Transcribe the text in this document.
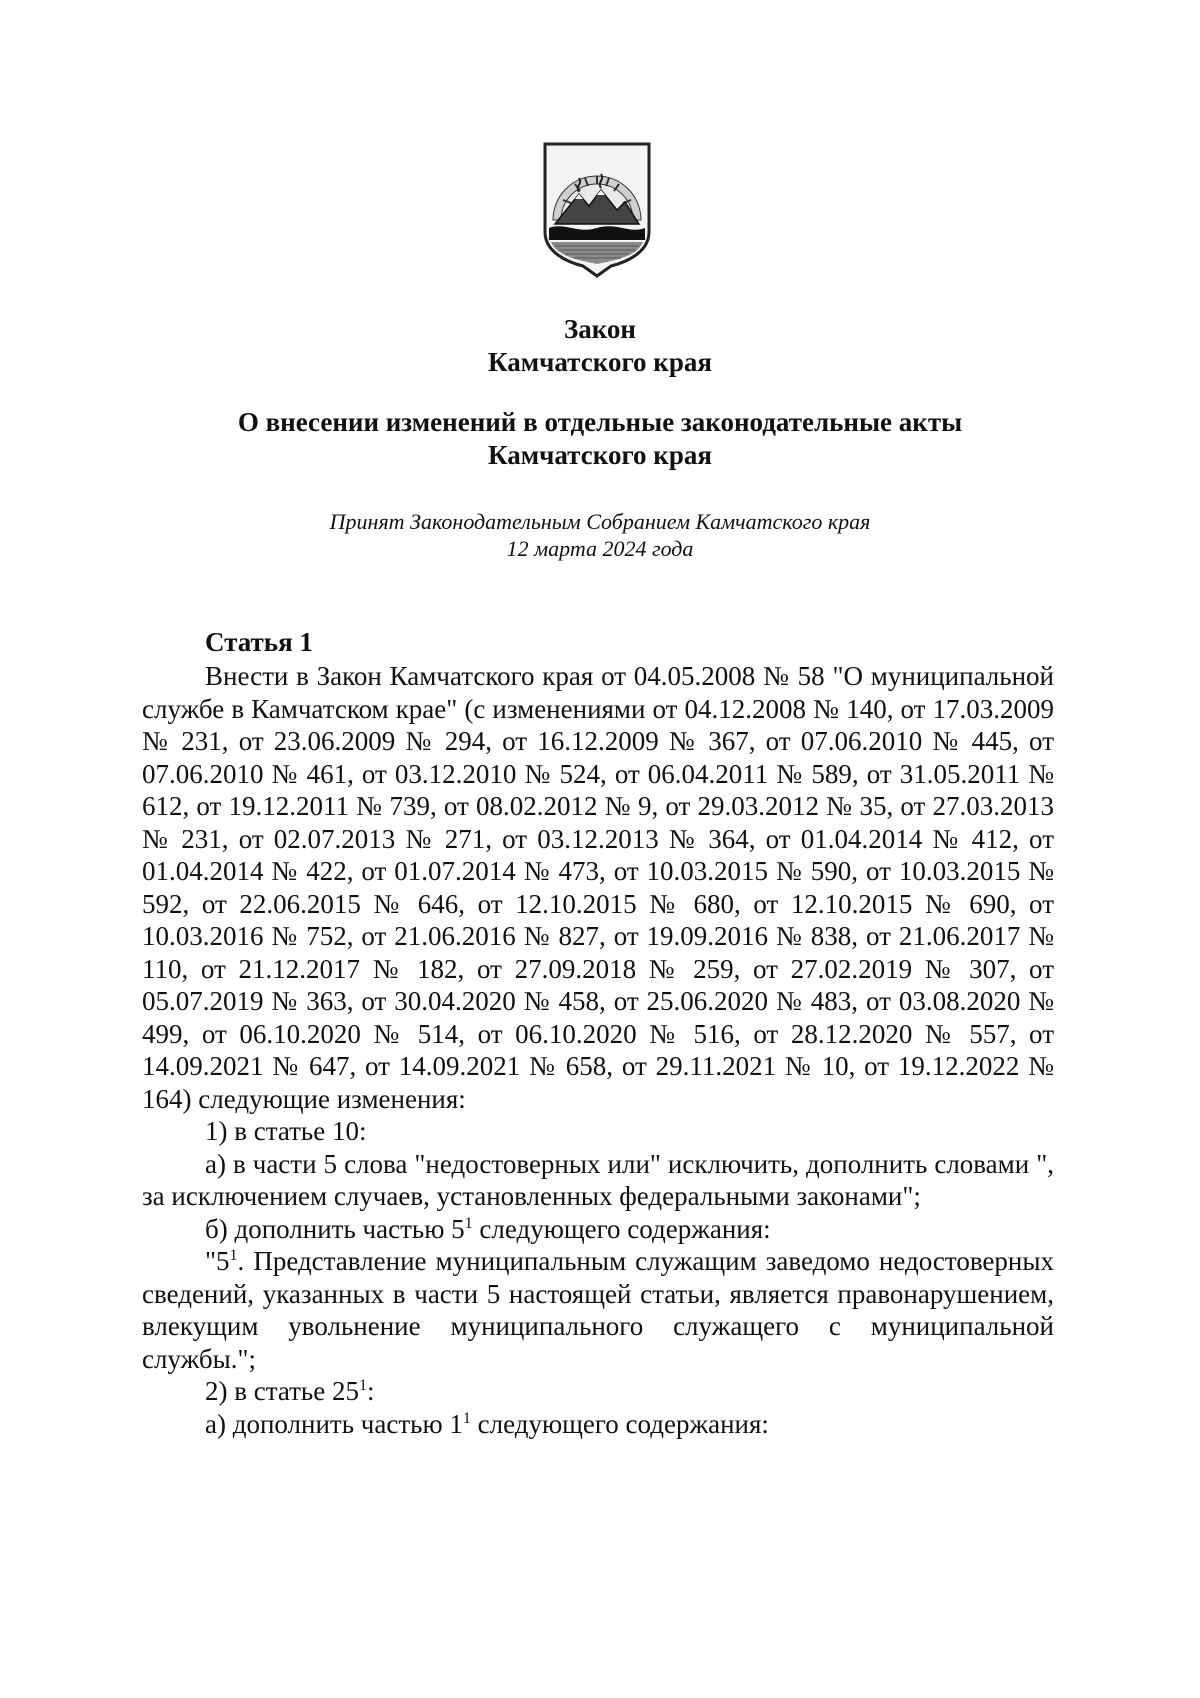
Закон
Камчатского края
О внесении изменений в отдельные законодательные акты
Камчатского края
Принят Законодательным Собранием Камчатского края
12 марта 2024 года
Статья 1

Внести в Закон Камчатского края от 04.05.2008 № 58 "О муниципальной службе в Камчатском крае" (с изменениями от 04.12.2008 № 140, от 17.03.2009 № 231, от 23.06.2009 № 294, от 16.12.2009 № 367, от 07.06.2010 № 445, от 07.06.2010 № 461, от 03.12.2010 № 524, от 06.04.2011 № 589, от 31.05.2011 № 612, от 19.12.2011 № 739, от 08.02.2012 № 9, от 29.03.2012 № 35, от 27.03.2013 № 231, от 02.07.2013 № 271, от 03.12.2013 № 364, от 01.04.2014 № 412, от 01.04.2014 № 422, от 01.07.2014 № 473, от 10.03.2015 № 590, от 10.03.2015 № 592, от 22.06.2015 № 646, от 12.10.2015 № 680, от 12.10.2015 № 690, от 10.03.2016 № 752, от 21.06.2016 № 827, от 19.09.2016 № 838, от 21.06.2017 № 110, от 21.12.2017 № 182, от 27.09.2018 № 259, от 27.02.2019 № 307, от 05.07.2019 № 363, от 30.04.2020 № 458, от 25.06.2020 № 483, от 03.08.2020 № 499, от 06.10.2020 № 514, от 06.10.2020 № 516, от 28.12.2020 № 557, от 14.09.2021 № 647, от 14.09.2021 № 658, от 29.11.2021 № 10, от 19.12.2022 № 164) следующие изменения:

1) в статье 10:

а) в части 5 слова "недостоверных или" исключить, дополнить словами ", за исключением случаев, установленных федеральными законами";

б) дополнить частью $5^1$ следующего содержания:

"$5^1$. Представление муниципальным служащим заведомо недостоверных сведений, указанных в части 5 настоящей статьи, является правонарушением, влекущим увольнение муниципального служащего с муниципальной службы.";

2) в статье $25^1$:

а) дополнить частью $1^1$ следующего содержания:
